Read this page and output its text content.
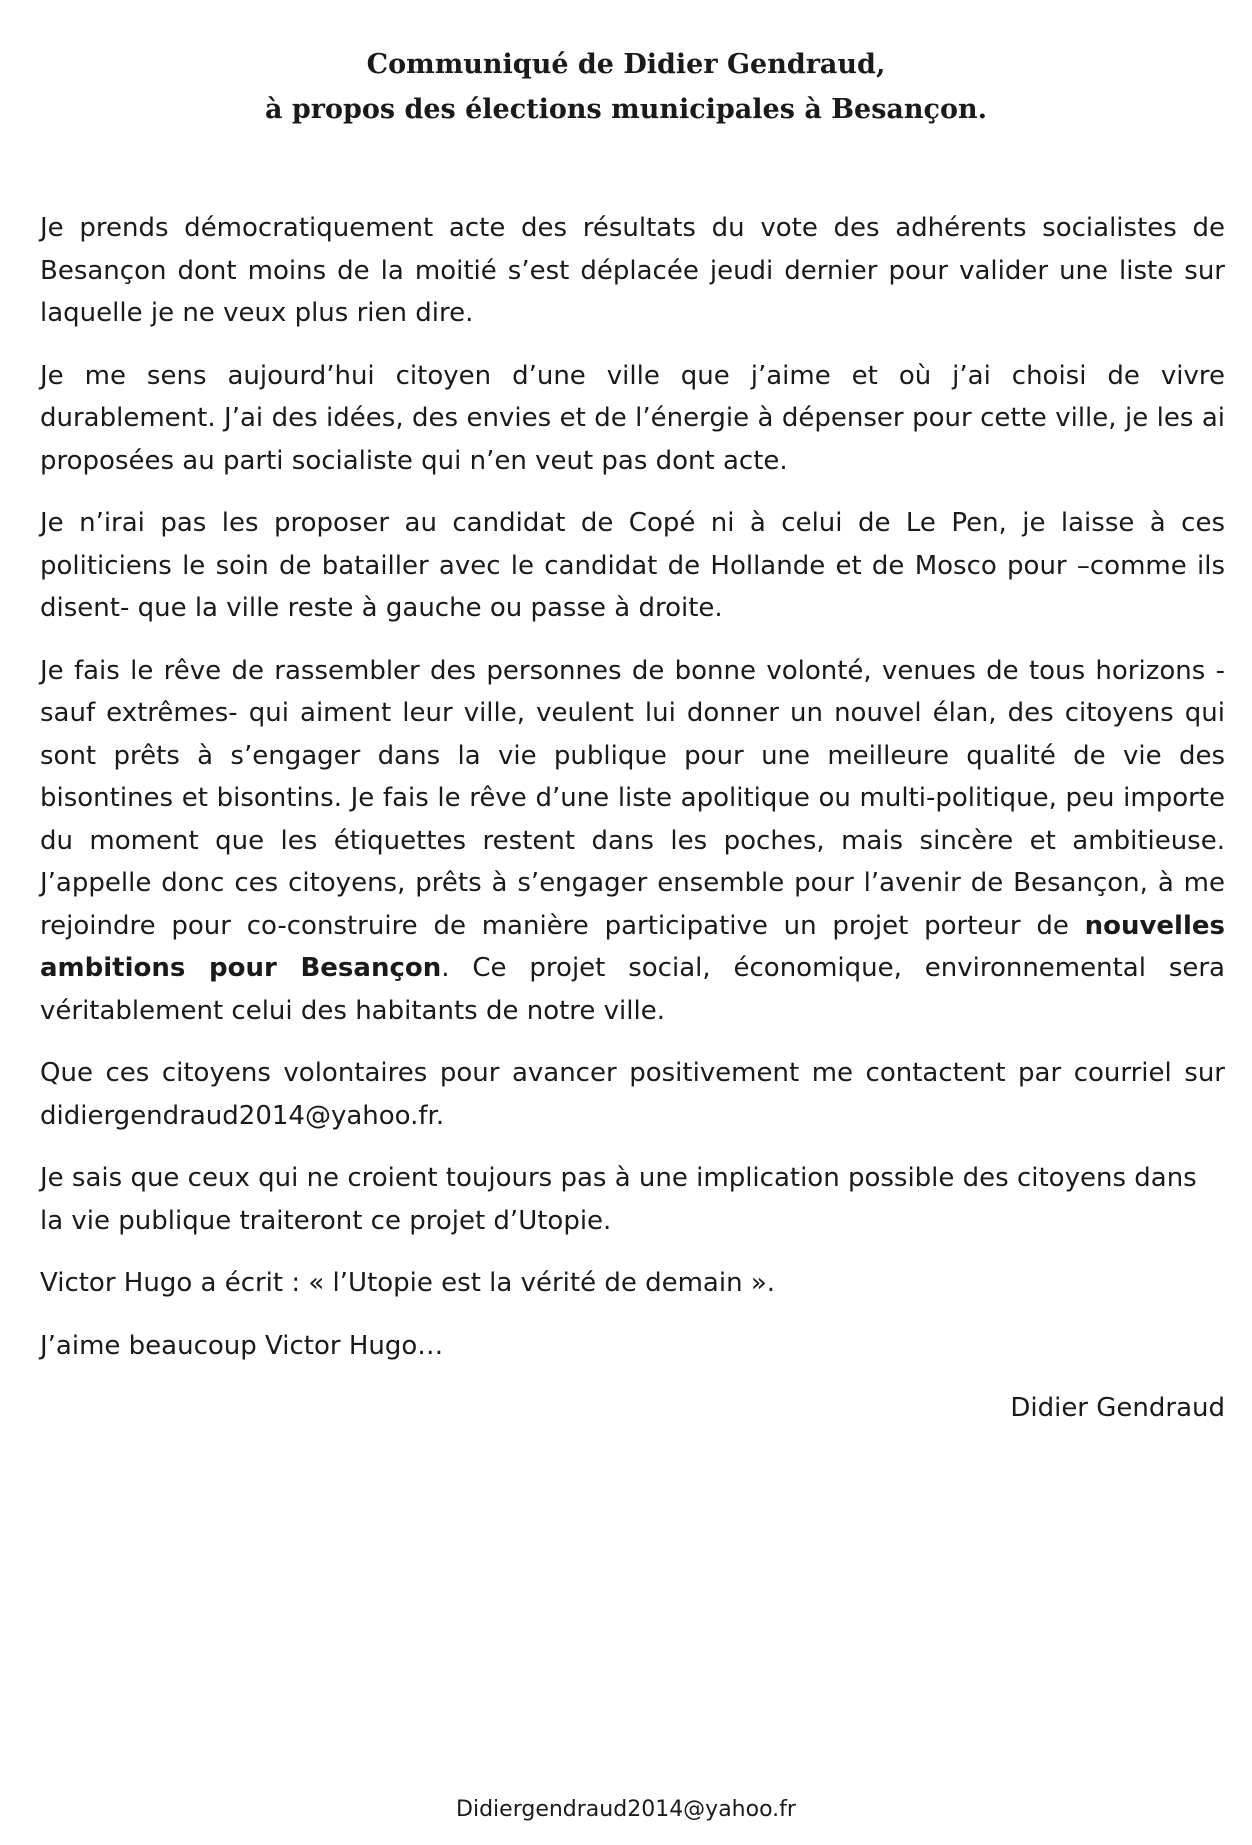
Communiqué de Didier Gendraud,
à propos des élections municipales à Besançon.

Je prends démocratiquement acte des résultats du vote des adhérents socialistes de Besançon dont moins de la moitié s’est déplacée jeudi dernier pour valider une liste sur laquelle je ne veux plus rien dire.

Je me sens aujourd’hui citoyen d’une ville que j’aime et où j’ai choisi de vivre durablement. J’ai des idées, des envies et de l’énergie à dépenser pour cette ville, je les ai proposées au parti socialiste qui n’en veut pas dont acte.

Je n’irai pas les proposer au candidat de Copé ni à celui de Le Pen, je laisse à ces politiciens le soin de batailler avec le candidat de Hollande et de Mosco pour –comme ils disent- que la ville reste à gauche ou passe à droite.

Je fais le rêve de rassembler des personnes de bonne volonté, venues de tous horizons -sauf extrêmes- qui aiment leur ville, veulent lui donner un nouvel élan, des citoyens qui sont prêts à s’engager dans la vie publique pour une meilleure qualité de vie des bisontines et bisontins. Je fais le rêve d’une liste apolitique ou multi-politique, peu importe du moment que les étiquettes restent dans les poches, mais sincère et ambitieuse. J’appelle donc ces citoyens, prêts à s’engager ensemble pour l’avenir de Besançon, à me rejoindre pour co-construire de manière participative un projet porteur de nouvelles ambitions pour Besançon. Ce projet social, économique, environnemental sera véritablement celui des habitants de notre ville.

Que ces citoyens volontaires pour avancer positivement me contactent par courriel sur didiergendraud2014@yahoo.fr.

Je sais que ceux qui ne croient toujours pas à une implication possible des citoyens dans la vie publique traiteront ce projet d’Utopie.

Victor Hugo a écrit : « l’Utopie est la vérité de demain ».

J’aime beaucoup Victor Hugo…

Didier Gendraud

Didiergendraud2014@yahoo.fr
